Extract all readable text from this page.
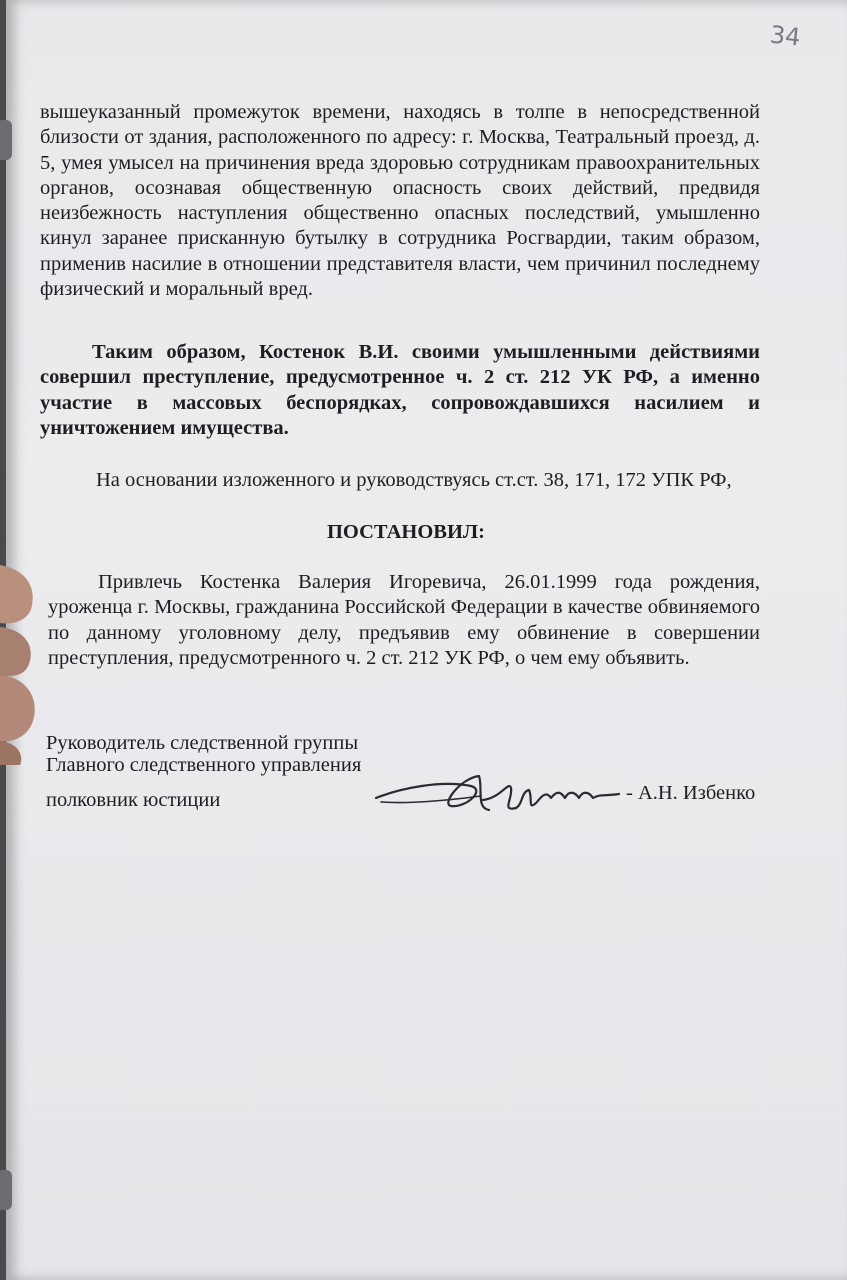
34
вышеуказанный промежуток времени, находясь в толпе в непосредственной близости от здания, расположенного по адресу: г. Москва, Театральный проезд, д. 5, умея умысел на причинения вреда здоровью сотрудникам правоохранительных органов, осознавая общественную опасность своих действий, предвидя неизбежность наступления общественно опасных последствий, умышленно кинул заранее присканную бутылку в сотрудника Росгвардии, таким образом, применив насилие в отношении представителя власти, чем причинил последнему физический и моральный вред.
Таким образом, Костенок В.И. своими умышленными действиями совершил преступление, предусмотренное ч. 2 ст. 212 УК РФ, а именно участие в массовых беспорядках, сопровождавшихся насилием и уничтожением имущества.
На основании изложенного и руководствуясь ст.ст. 38, 171, 172 УПК РФ,
ПОСТАНОВИЛ:
Привлечь Костенка Валерия Игоревича, 26.01.1999 года рождения, уроженца г. Москвы, гражданина Российской Федерации в качестве обвиняемого по данному уголовному делу, предъявив ему обвинение в совершении преступления, предусмотренного ч. 2 ст. 212 УК РФ, о чем ему объявить.
Руководитель следственной группы
Главного следственного управления
полковник юстиции	- А.Н. Избенко
